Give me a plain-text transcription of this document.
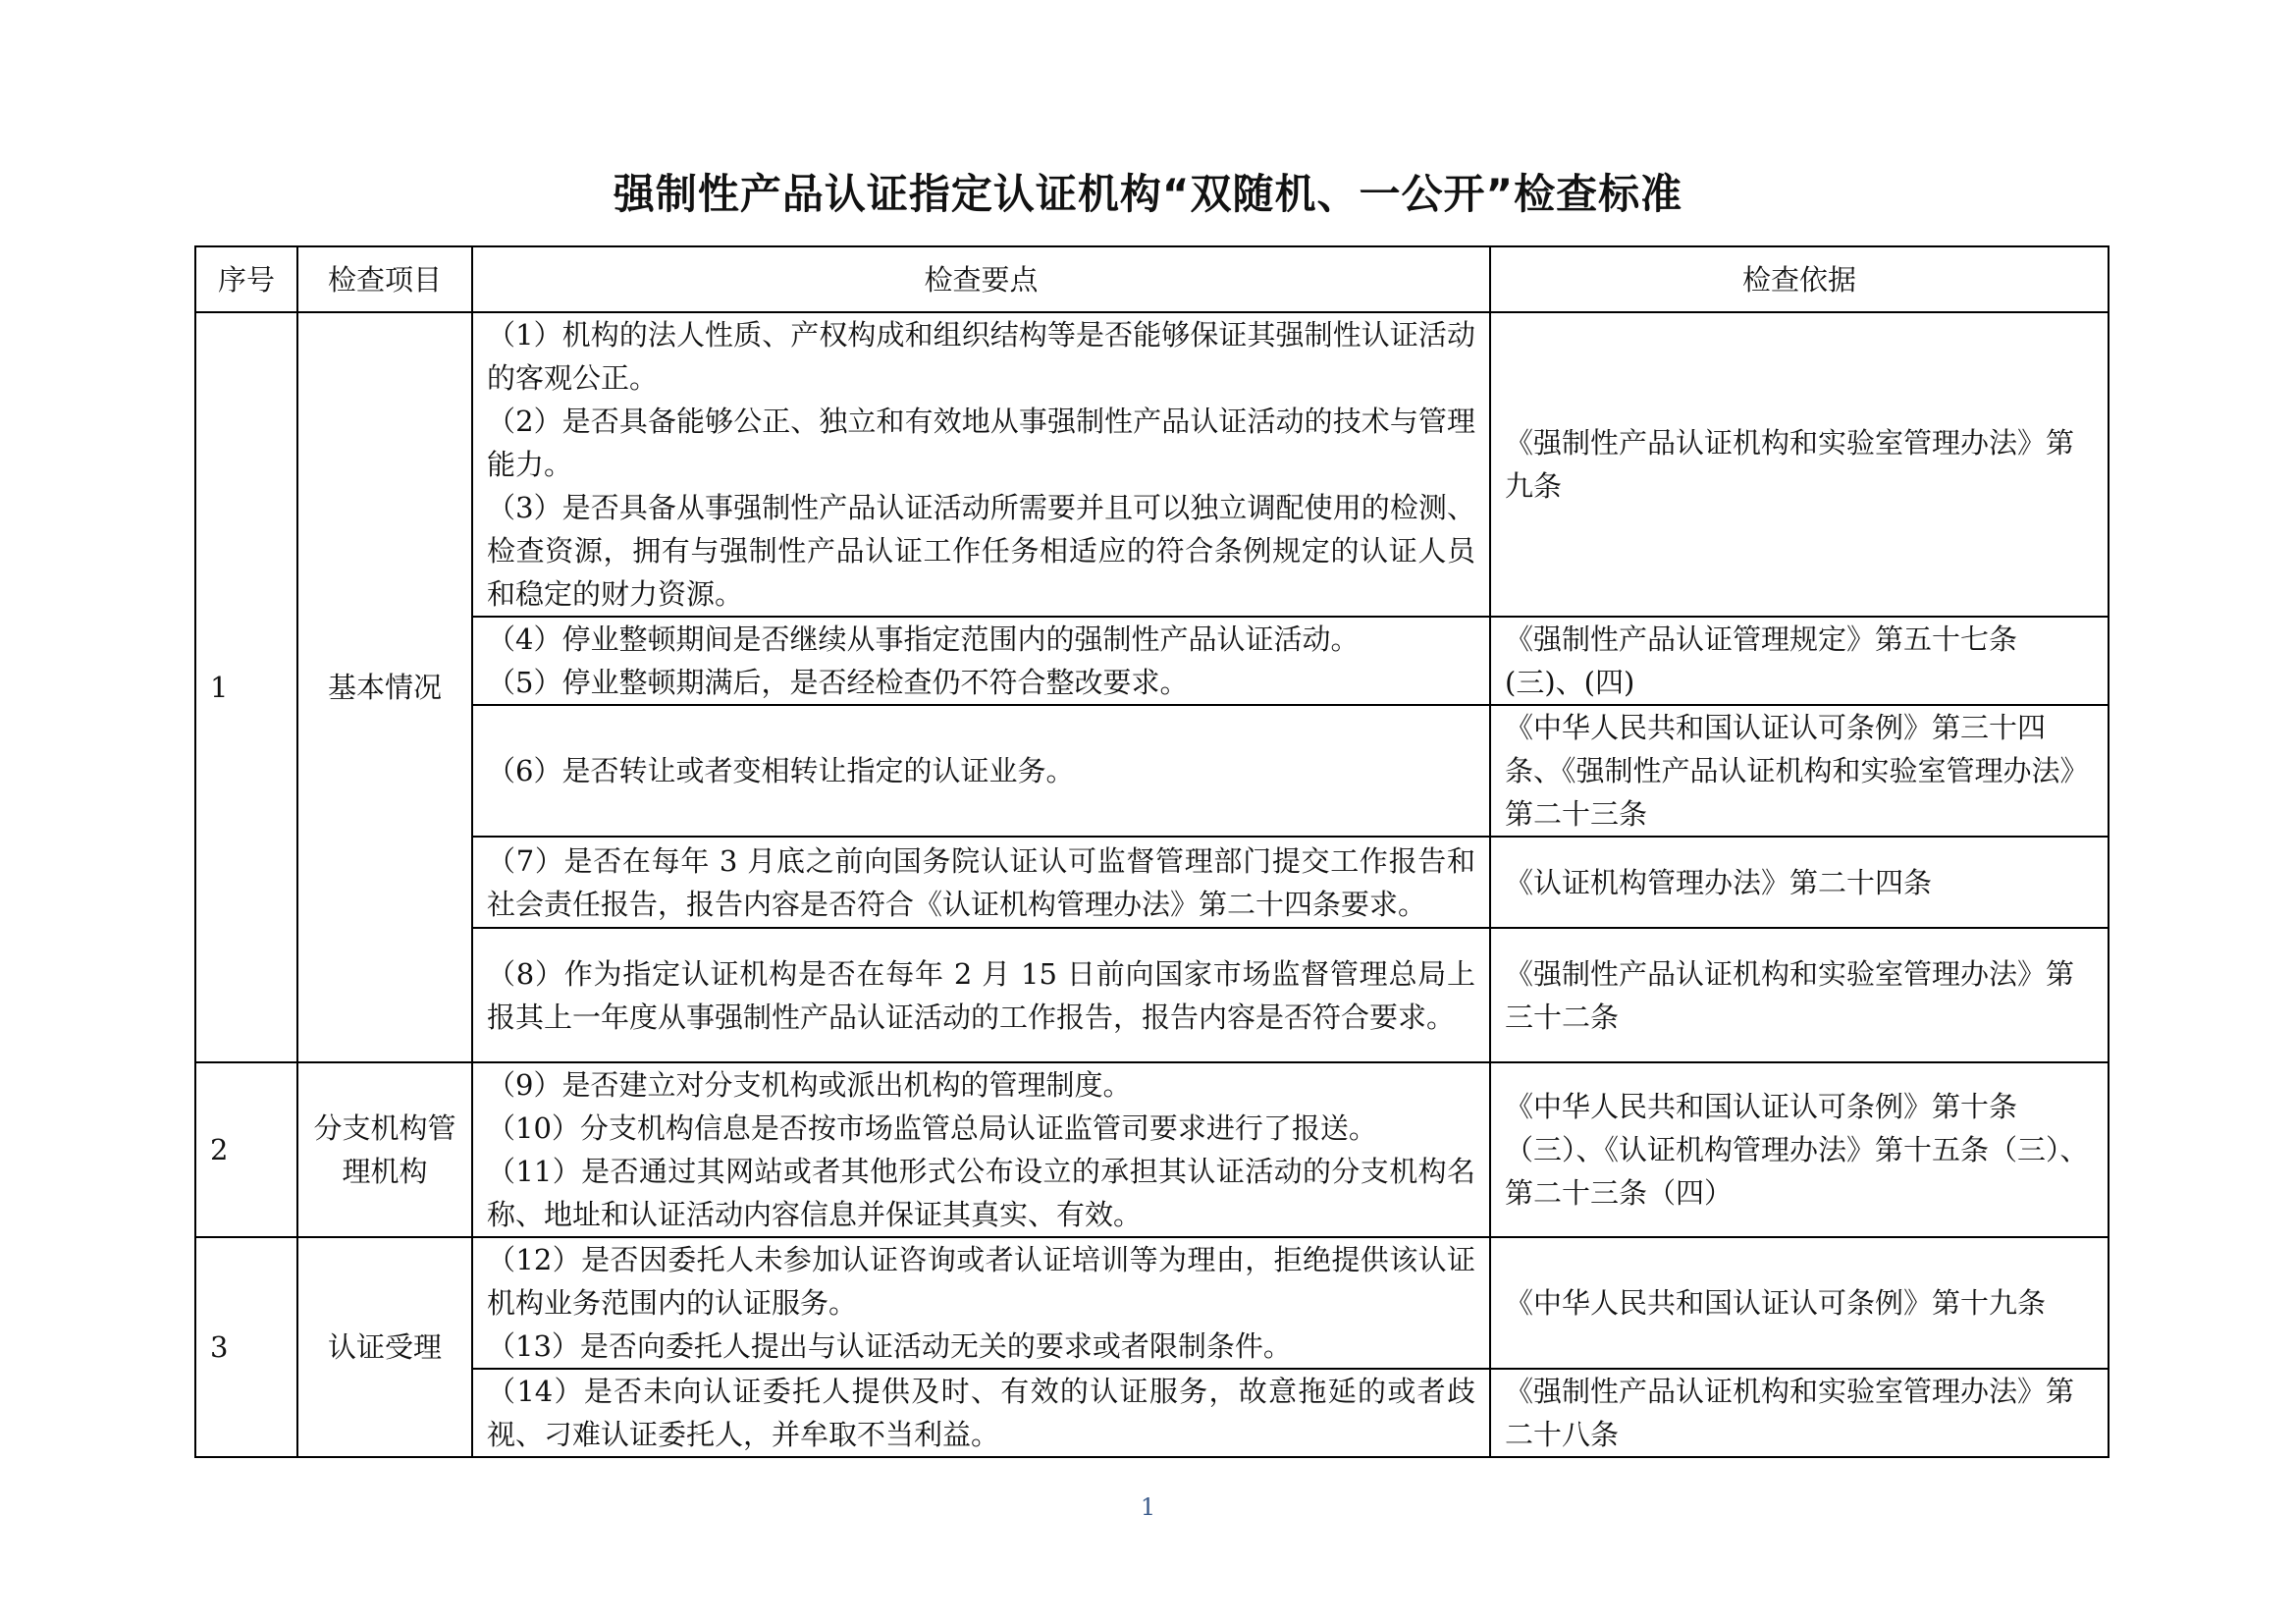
强制性产品认证指定认证机构“双随机、一公开”检查标准
序号	检查项目	检查要点	检查依据
1	基本情况	（1）机构的法人性质、产权构成和组织结构等是否能够保证其强制性认证活动的客观公正。
（2）是否具备能够公正、独立和有效地从事强制性产品认证活动的技术与管理能力。
（3）是否具备从事强制性产品认证活动所需要并且可以独立调配使用的检测、检查资源，拥有与强制性产品认证工作任务相适应的符合条例规定的认证人员和稳定的财力资源。	《强制性产品认证机构和实验室管理办法》第九条

		（4）停业整顿期间是否继续从事指定范围内的强制性产品认证活动。
（5）停业整顿期满后，是否经检查仍不符合整改要求。	《强制性产品认证管理规定》第五十七条(三)、(四)

		（6）是否转让或者变相转让指定的认证业务。	《中华人民共和国认证认可条例》第三十四条、《强制性产品认证机构和实验室管理办法》第二十三条

		（7）是否在每年 3 月底之前向国务院认证认可监督管理部门提交工作报告和社会责任报告，报告内容是否符合《认证机构管理办法》第二十四条要求。	《认证机构管理办法》第二十四条

		（8）作为指定认证机构是否在每年 2 月 15 日前向国家市场监督管理总局上报其上一年度从事强制性产品认证活动的工作报告，报告内容是否符合要求。	《强制性产品认证机构和实验室管理办法》第三十二条
2	分支机构管理机构	（9）是否建立对分支机构或派出机构的管理制度。
（10）分支机构信息是否按市场监管总局认证监管司要求进行了报送。
（11）是否通过其网站或者其他形式公布设立的承担其认证活动的分支机构名称、地址和认证活动内容信息并保证其真实、有效。	《中华人民共和国认证认可条例》第十条（三）、《认证机构管理办法》第十五条（三）、第二十三条（四）
3	认证受理	（12）是否因委托人未参加认证咨询或者认证培训等为理由，拒绝提供该认证机构业务范围内的认证服务。
（13）是否向委托人提出与认证活动无关的要求或者限制条件。	《中华人民共和国认证认可条例》第十九条

		（14）是否未向认证委托人提供及时、有效的认证服务，故意拖延的或者歧视、刁难认证委托人，并牟取不当利益。	《强制性产品认证机构和实验室管理办法》第二十八条
1
